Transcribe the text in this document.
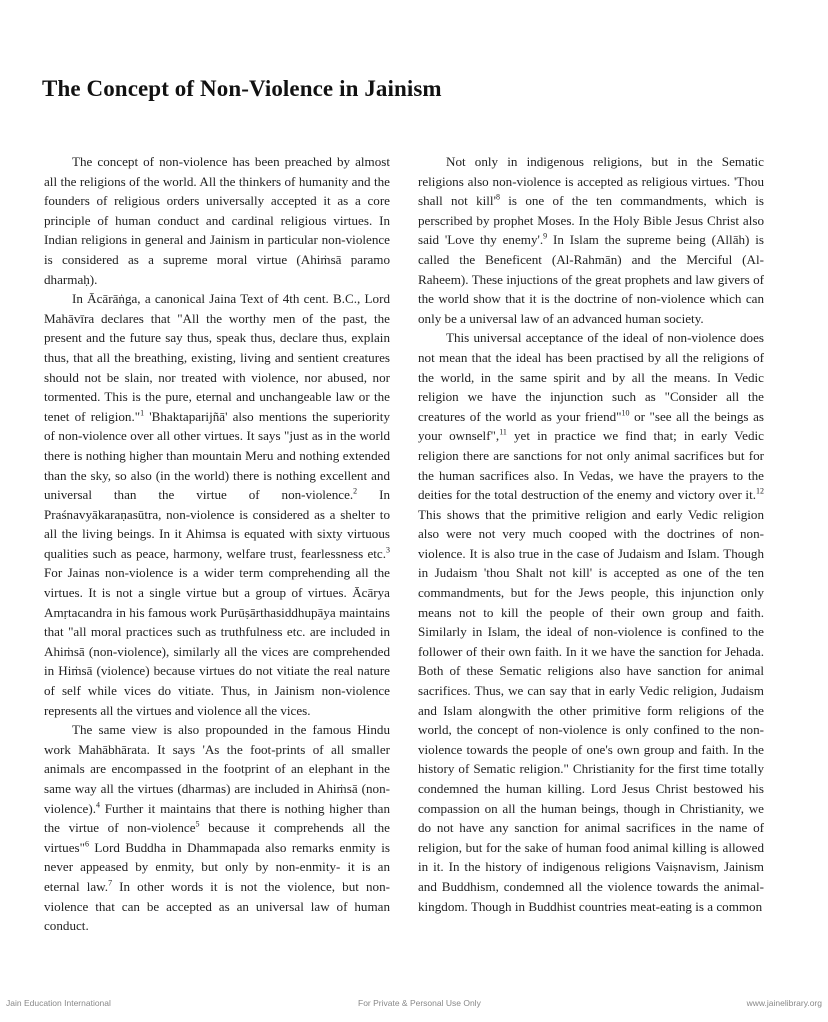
The Concept of Non-Violence in Jainism

The concept of non-violence has been preached by almost all the religions of the world. All the thinkers of humanity and the founders of religious orders universally accepted it as a core principle of human conduct and cardinal religious virtues. In Indian religions in general and Jainism in particular non-violence is considered as a supreme moral virtue (Ahiṁsā paramo dharmaḥ).

In Ācārāṅga, a canonical Jaina Text of 4th cent. B.C., Lord Mahāvīra declares that "All the worthy men of the past, the present and the future say thus, speak thus, declare thus, explain thus, that all the breathing, existing, living and sentient creatures should not be slain, nor treated with violence, nor abused, nor tormented. This is the pure, eternal and unchangeable law or the tenet of religion."$^1$ 'Bhaktaparijñā' also mentions the superiority of non-violence over all other virtues. It says "just as in the world there is nothing higher than mountain Meru and nothing extended than the sky, so also (in the world) there is nothing excellent and universal than the virtue of non-violence.$^2$ In Praśnavyākaraṇasūtra, non-violence is considered as a shelter to all the living beings. In it Ahimsa is equated with sixty virtuous qualities such as peace, harmony, welfare trust, fearlessness etc.$^3$ For Jainas non-violence is a wider term comprehending all the virtues. It is not a single virtue but a group of virtues. Ācārya Amṛtacandra in his famous work Purūṣārthasiddhupāya maintains that "all moral practices such as truthfulness etc. are included in Ahiṁsā (non-violence), similarly all the vices are comprehended in Hiṁsā (violence) because virtues do not vitiate the real nature of self while vices do vitiate. Thus, in Jainism non-violence represents all the virtues and violence all the vices.

The same view is also propounded in the famous Hindu work Mahābhārata. It says 'As the foot-prints of all smaller animals are encompassed in the footprint of an elephant in the same way all the virtues (dharmas) are included in Ahiṁsā (non-violence).$^4$ Further it maintains that there is nothing higher than the virtue of non-violence$^5$ because it comprehends all the virtues"$^6$ Lord Buddha in Dhammapada also remarks enmity is never appeased by enmity, but only by non-enmity- it is an eternal law.$^7$ In other words it is not the violence, but non-violence that can be accepted as an universal law of human conduct.

Not only in indigenous religions, but in the Sematic religions also non-violence is accepted as religious virtues. 'Thou shall not $kill'^8$ is one of the ten commandments, which is perscribed by prophet Moses. In the Holy Bible Jesus Christ also said 'Love thy enemy'.$^9$ In Islam the supreme being (Allāh) is called the Beneficent (Al-Rahmān) and the Merciful (Al-Raheem). These injuctions of the great prophets and law givers of the world show that it is the doctrine of non-violence which can only be a universal law of an advanced human society.

This universal acceptance of the ideal of non-violence does not mean that the ideal has been practised by all the religions of the world, in the same spirit and by all the means. In Vedic religion we have the injunction such as "Consider all the creatures of the world as your friend"$^{10}$ or "see all the beings as your ownself",$^{11}$ yet in practice we find that; in early Vedic religion there are sanctions for not only animal sacrifices but for the human sacrifices also. In Vedas, we have the prayers to the deities for the total destruction of the enemy and victory over it.$^{12}$ This shows that the primitive religion and early Vedic religion also were not very much cooped with the doctrines of non-violence. It is also true in the case of Judaism and Islam. Though in Judaism 'thou Shalt not kill' is accepted as one of the ten commandments, but for the Jews people, this injunction only means not to kill the people of their own group and faith. Similarly in Islam, the ideal of non-violence is confined to the follower of their own faith. In it we have the sanction for Jehada. Both of these Sematic religions also have sanction for animal sacrifices. Thus, we can say that in early Vedic religion, Judaism and Islam alongwith the other primitive form religions of the world, the concept of non-violence is only confined to the non-violence towards the people of one's own group and faith. In the history of Sematic religion." Christianity for the first time totally condemned the human killing. Lord Jesus Christ bestowed his compassion on all the human beings, though in Christianity, we do not have any sanction for animal sacrifices in the name of religion, but for the sake of human food animal killing is allowed in it. In the history of indigenous religions Vaiṣnavism, Jainism and Buddhism, condemned all the violence towards the animal-kingdom. Though in Buddhist countries meat-eating is a common

Jain Education International	For Private & Personal Use Only	www.jainelibrary.org
